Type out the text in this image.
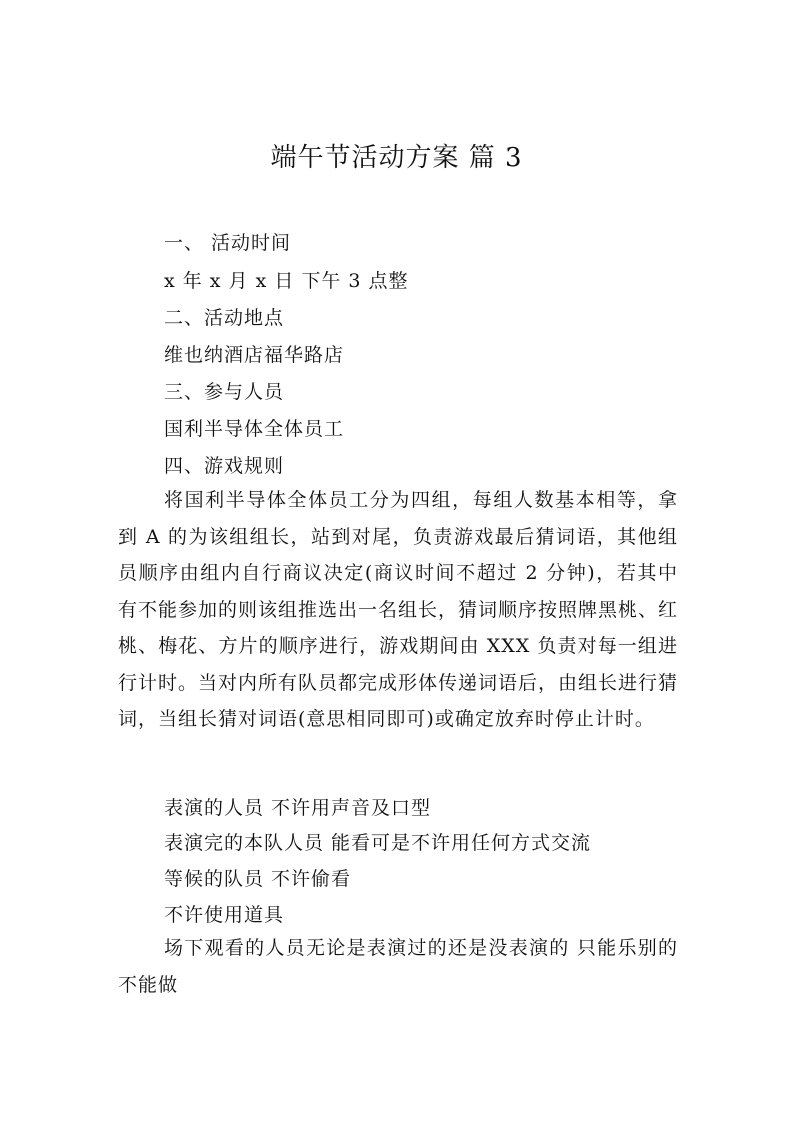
端午节活动方案 篇 3
一、 活动时间
x 年 x 月 x 日 下午 3 点整
二、活动地点
维也纳酒店福华路店
三、参与人员
国利半导体全体员工
四、游戏规则
将国利半导体全体员工分为四组，每组人数基本相等，拿到 A 的为该组组长，站到对尾，负责游戏最后猜词语，其他组员顺序由组内自行商议决定(商议时间不超过 2 分钟)，若其中有不能参加的则该组推选出一名组长，猜词顺序按照牌黑桃、红桃、梅花、方片的顺序进行，游戏期间由 XXX 负责对每一组进行计时。当对内所有队员都完成形体传递词语后，由组长进行猜词，当组长猜对词语(意思相同即可)或确定放弃时停止计时。
表演的人员 不许用声音及口型
表演完的本队人员 能看可是不许用任何方式交流
等候的队员 不许偷看
不许使用道具
场下观看的人员无论是表演过的还是没表演的 只能乐别的不能做
